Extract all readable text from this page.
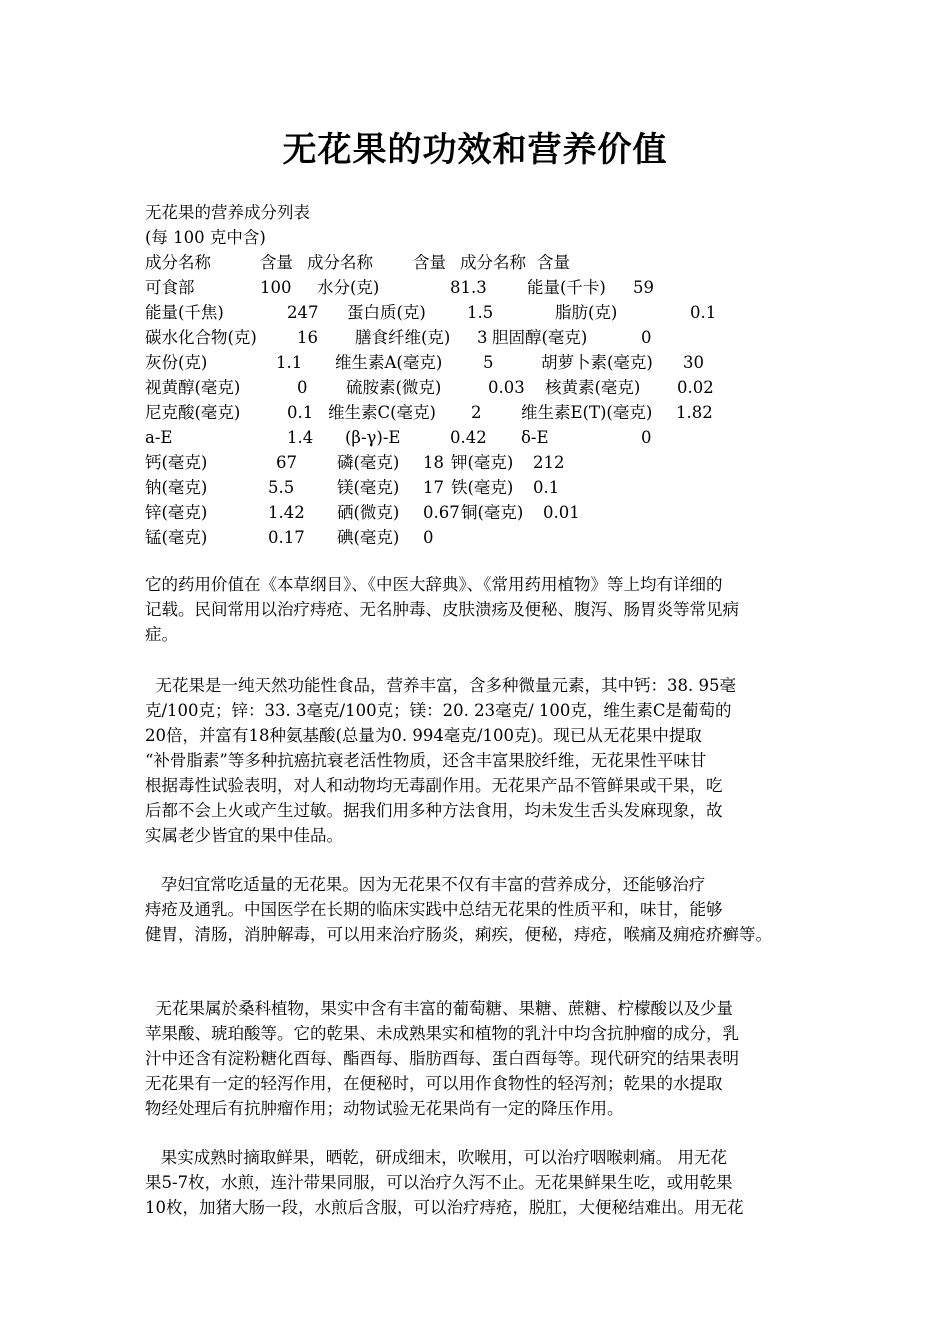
无花果的功效和营养价值
无花果的营养成分列表
(每 100 克中含)
成分名称	含量 成分名称 含量 成分名称 含量
可食部	100 水分(克)	81.3 能量(千卡) 59
能量(千焦)	247 蛋白质(克) 1.5	脂肪(克)	0.1
碳水化合物(克) 16 膳食纤维(克) 3 胆固醇(毫克)	0
灰份(克)	1.1 维生素A(毫克) 5	胡萝卜素(毫克) 30
视黄醇(毫克)	0 硫胺素(微克)	0.03 核黄素(毫克) 0.02
尼克酸(毫克)	0.1 维生素C(毫克) 2 维生素E(T)(毫克) 1.82
a-E	1.4 (β-γ)-E	0.42 δ-E	0
钙(毫克)	67 磷(毫克) 18 钾(毫克) 212
钠(毫克)	5.5	镁(毫克) 17 铁(毫克) 0.1
锌(毫克)	1.42 硒(微克) 0.67 铜(毫克) 0.01
锰(毫克)	0.17 碘(毫克) 0
它的药用价值在《本草纲目》、《中医大辞典》、《常用药用植物》等上均有详细的
记载。民间常用以治疗痔疮、无名肿毒、皮肤溃疡及便秘、腹泻、肠胃炎等常见病
症。
无花果是一纯天然功能性食品，营养丰富，含多种微量元素，其中钙：38. 95毫
克/100克；锌：33. 3毫克/100克；镁：20. 23毫克/ 100克，维生素C是葡萄的
20倍，并富有18种氨基酸(总量为0. 994毫克/100克)。现已从无花果中提取
“补骨脂素”等多种抗癌抗衰老活性物质，还含丰富果胶纤维，无花果性平味甘
根据毒性试验表明，对人和动物均无毒副作用。无花果产品不管鲜果或干果，吃
后都不会上火或产生过敏。据我们用多种方法食用，均未发生舌头发麻现象，故
实属老少皆宜的果中佳品。
孕妇宜常吃适量的无花果。因为无花果不仅有丰富的营养成分，还能够治疗
痔疮及通乳。中国医学在长期的临床实践中总结无花果的性质平和，味甘，能够
健胃，清肠，消肿解毒，可以用来治疗肠炎，痢疾，便秘，痔疮，喉痛及痈疮疥癣等。
无花果属於桑科植物，果实中含有丰富的葡萄糖、果糖、蔗糖、柠檬酸以及少量
苹果酸、琥珀酸等。它的乾果、未成熟果实和植物的乳汁中均含抗肿瘤的成分，乳
汁中还含有淀粉糖化酉每、酯酉每、脂肪酉每、蛋白酉每等。现代研究的结果表明
无花果有一定的轻泻作用，在便秘时，可以用作食物性的轻泻剂；乾果的水提取
物经处理后有抗肿瘤作用；动物试验无花果尚有一定的降压作用。
果实成熟时摘取鲜果，晒乾，研成细末，吹喉用，可以治疗咽喉刺痛。 用无花
果5-7枚，水煎，连汁带果同服，可以治疗久泻不止。无花果鲜果生吃，或用乾果
10枚，加猪大肠一段，水煎后含服，可以治疗痔疮，脱肛，大便秘结难出。用无花
